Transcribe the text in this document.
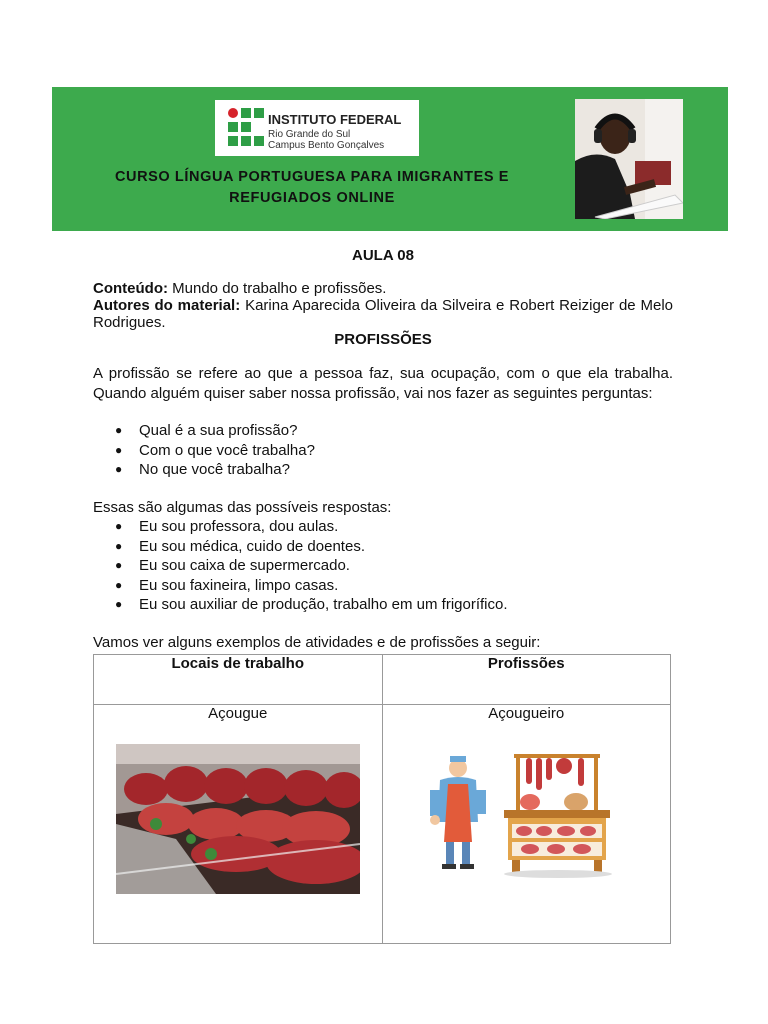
INSTITUTO FEDERAL
Rio Grande do Sul
Campus Bento Gonçalves
CURSO LÍNGUA PORTUGUESA PARA IMIGRANTES E
REFUGIADOS ONLINE
AULA 08
Conteúdo: Mundo do trabalho e profissões.
Autores do material: Karina Aparecida Oliveira da Silveira e Robert Reiziger de Melo Rodrigues.
PROFISSÕES
A profissão se refere ao que a pessoa faz, sua ocupação, com o que ela trabalha. Quando alguém quiser saber nossa profissão, vai nos fazer as seguintes perguntas:
● Qual é a sua profissão?
● Com o que você trabalha?
● No que você trabalha?
Essas são algumas das possíveis respostas:
● Eu sou professora, dou aulas.
● Eu sou médica, cuido de doentes.
● Eu sou caixa de supermercado.
● Eu sou faxineira, limpo casas.
● Eu sou auxiliar de produção, trabalho em um frigorífico.
Vamos ver alguns exemplos de atividades e de profissões a seguir:
Locais de trabalho	Profissões

Açougue	Açougueiro
